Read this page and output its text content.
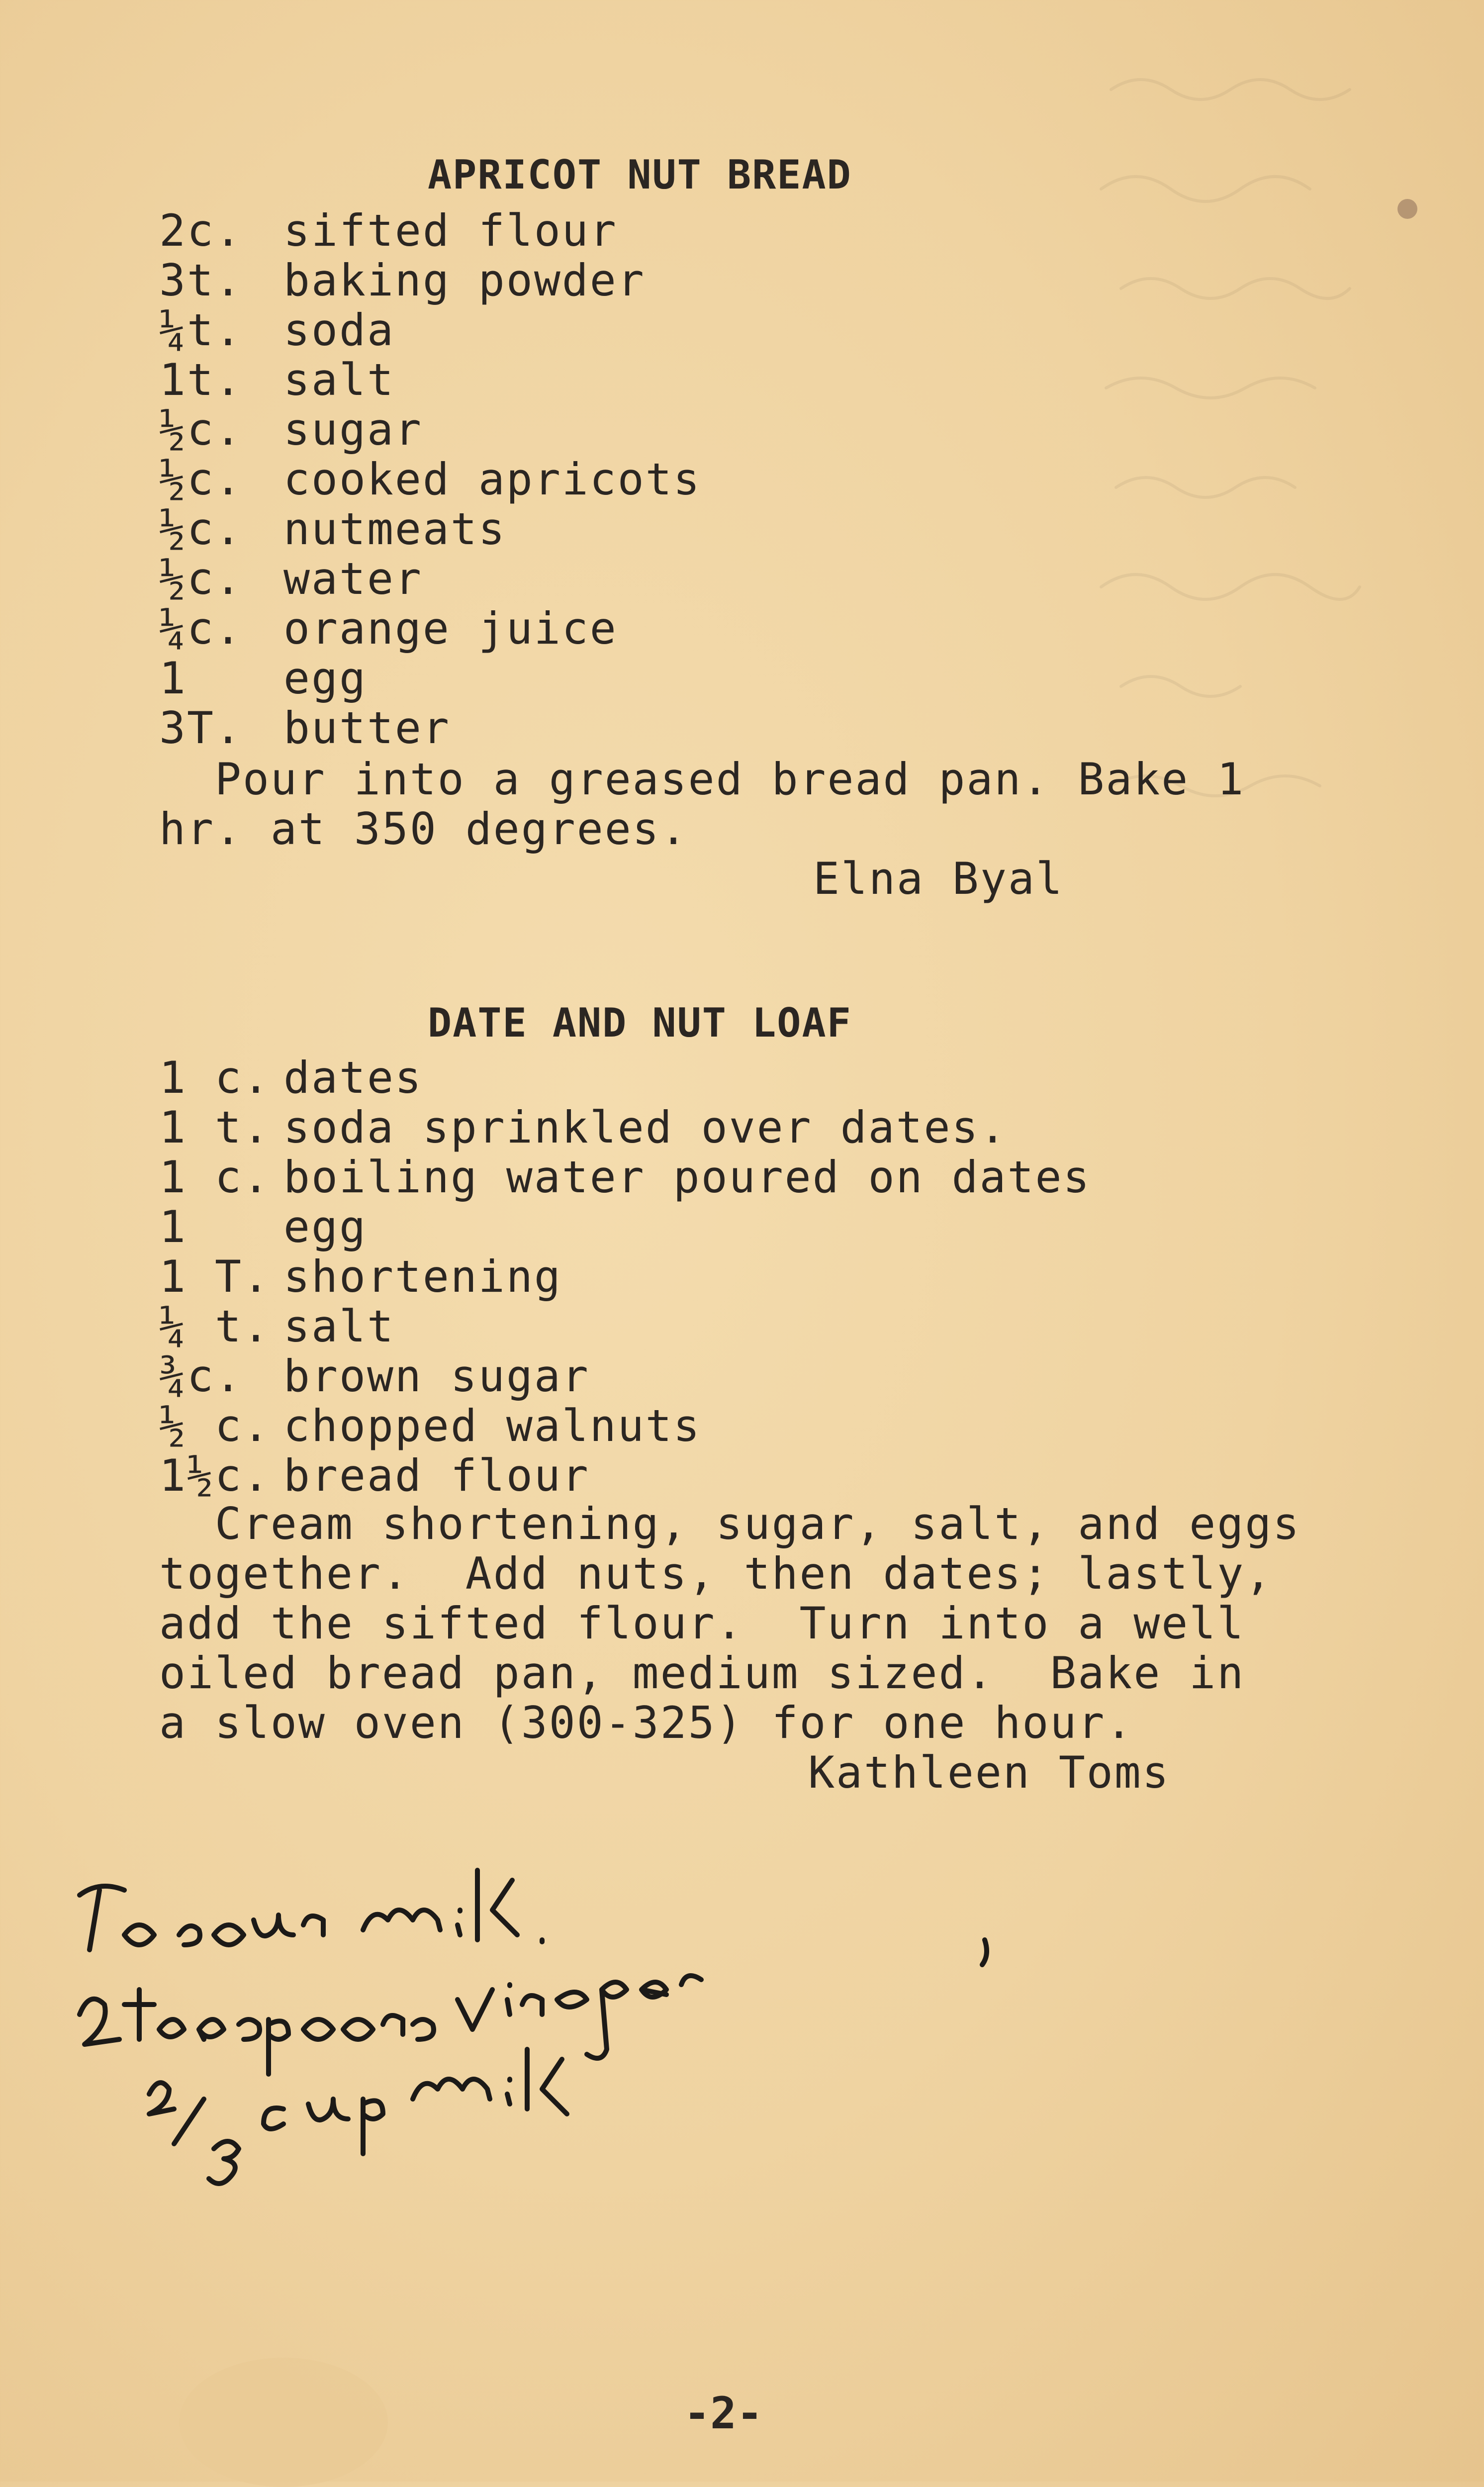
APRICOT NUT BREAD
2c. sifted flour
3t. baking powder
¼t. soda
1t. salt
½c. sugar
½c. cooked apricots
½c. nutmeats
½c. water
¼c. orange juice
1 egg
3T. butter
Pour into a greased bread pan. Bake 1
hr. at 350 degrees.
Elna Byal
DATE AND NUT LOAF
1 c. dates
1 t. soda sprinkled over dates.
1 c. boiling water poured on dates
1 egg
1 T. shortening
¼ t. salt
¾c. brown sugar
½ c. chopped walnuts
1½c. bread flour
Cream shortening, sugar, salt, and eggs
together.  Add nuts, then dates; lastly,
add the sifted flour.  Turn into a well
oiled bread pan, medium sized.  Bake in
a slow oven (300-325) for one hour.
Kathleen Toms
-2-
